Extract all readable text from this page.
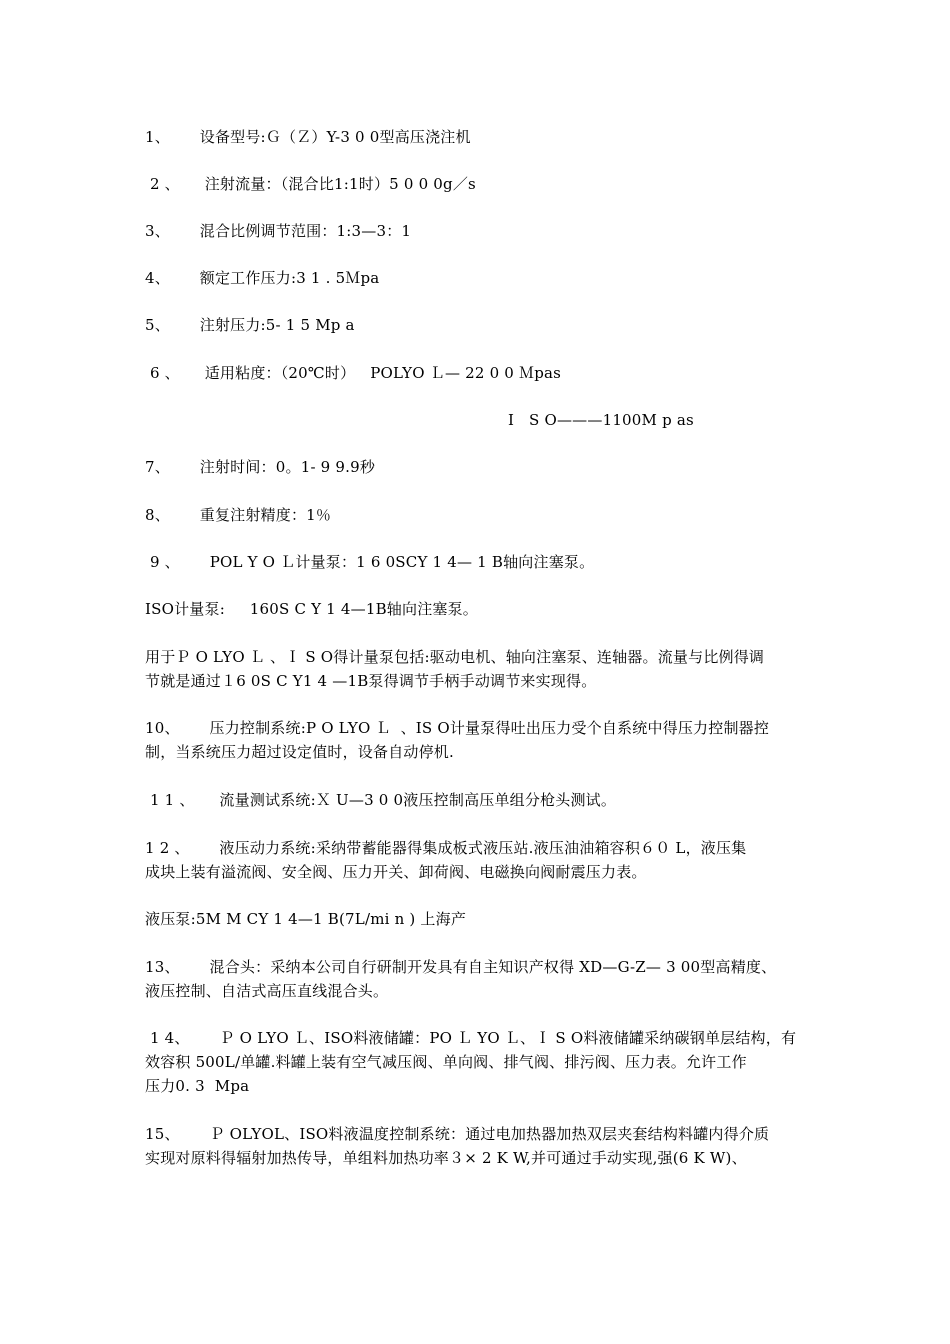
1、      设备型号:Ｇ（Ｚ）Y-3 0 0型高压浇注机
2 、     注射流量：（混合比1:1时）5 0 0 0g／s
3、      混合比例调节范围：1:3—3：1
4、      额定工作压力:3 1 . 5Ｍpa
5、      注射压力:5- 1 5 Mp a
6 、     适用粘度：（20℃时）   POLYO Ｌ— 22 0 0 Ｍpas
I   S O———1100M p as
7、      注射时间：0。1- 9 9.9秒
8、      重复注射精度：1％
9 、      POL Y O Ｌ计量泵：1 6 0SCY 1 4— 1 B轴向注塞泵。
ISO计量泵:     160S C Y 1 4—1B轴向注塞泵。
用于Ｐ O LYO Ｌ 、Ｉ S O得计量泵包括:驱动电机、轴向注塞泵、连轴器。流量与比例得调
节就是通过１6 0S C Y1 4 —1B泵得调节手柄手动调节来实现得。
10、      压力控制系统:P O LYO Ｌ  、IS O计量泵得吐出压力受个自系统中得压力控制器控
制，当系统压力超过设定值时，设备自动停机.
1 1 、     流量测试系统:Ｘ U—3 0 0液压控制高压单组分枪头测试。
1 2 、      液压动力系统:采纳带蓄能器得集成板式液压站.液压油油箱容积６０ L，液压集
成块上装有溢流阀、安全阀、压力开关、卸荷阀、电磁换向阀耐震压力表。
液压泵:5M M CY 1 4—1 B(7L/mi n ) 上海产
13、      混合头：采纳本公司自行研制开发具有自主知识产权得 XD—G-Z— 3 00型高精度、
液压控制、自洁式高压直线混合头。
1 4、      Ｐ O LYO Ｌ、ISO料液储罐：PO Ｌ YO Ｌ、Ｉ S O料液储罐采纳碳钢单层结构，有
效容积 500L/单罐.料罐上装有空气减压阀、单向阀、排气阀、排污阀、压力表。允许工作
压力0. 3  Mpa
15、      Ｐ OLYOL、ISO料液温度控制系统：通过电加热器加热双层夹套结构料罐内得介质
实现对原料得辐射加热传导，单组料加热功率３× 2 K W,并可通过手动实现,强(6 K W)、
